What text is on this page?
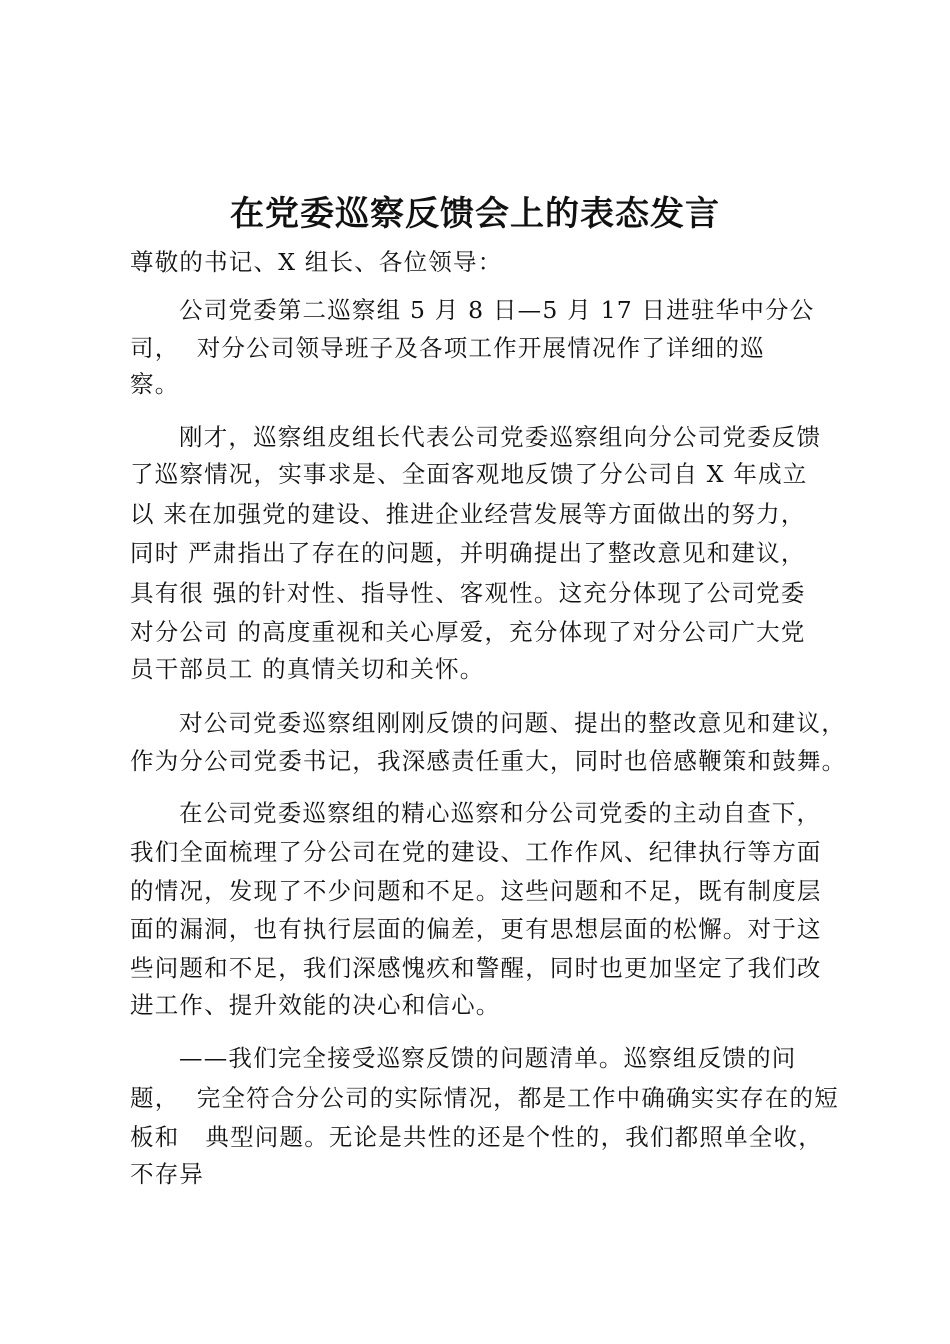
在党委巡察反馈会上的表态发言

尊敬的书记、X 组长、各位领导：

公司党委第二巡察组 5 月 8 日—5 月 17 日进驻华中分公

司，  对分公司领导班子及各项工作开展情况作了详细的巡

察。

刚才，巡察组皮组长代表公司党委巡察组向分公司党委反馈

了巡察情况，实事求是、全面客观地反馈了分公司自 X 年成立

以 来在加强党的建设、推进企业经营发展等方面做出的努力，

同时 严肃指出了存在的问题，并明确提出了整改意见和建议，

具有很 强的针对性、指导性、客观性。这充分体现了公司党委

对分公司 的高度重视和关心厚爱，充分体现了对分公司广大党

员干部员工 的真情关切和关怀。

对公司党委巡察组刚刚反馈的问题、提出的整改意见和建议，

作为分公司党委书记，我深感责任重大，同时也倍感鞭策和鼓舞。

在公司党委巡察组的精心巡察和分公司党委的主动自查下，

我们全面梳理了分公司在党的建设、工作作风、纪律执行等方面

的情况，发现了不少问题和不足。这些问题和不足，既有制度层

面的漏洞，也有执行层面的偏差，更有思想层面的松懈。对于这

些问题和不足，我们深感愧疚和警醒，同时也更加坚定了我们改

进工作、提升效能的决心和信心。

——我们完全接受巡察反馈的问题清单。巡察组反馈的问

题，  完全符合分公司的实际情况，都是工作中确确实实存在的短

板和   典型问题。无论是共性的还是个性的，我们都照单全收，

不存异
